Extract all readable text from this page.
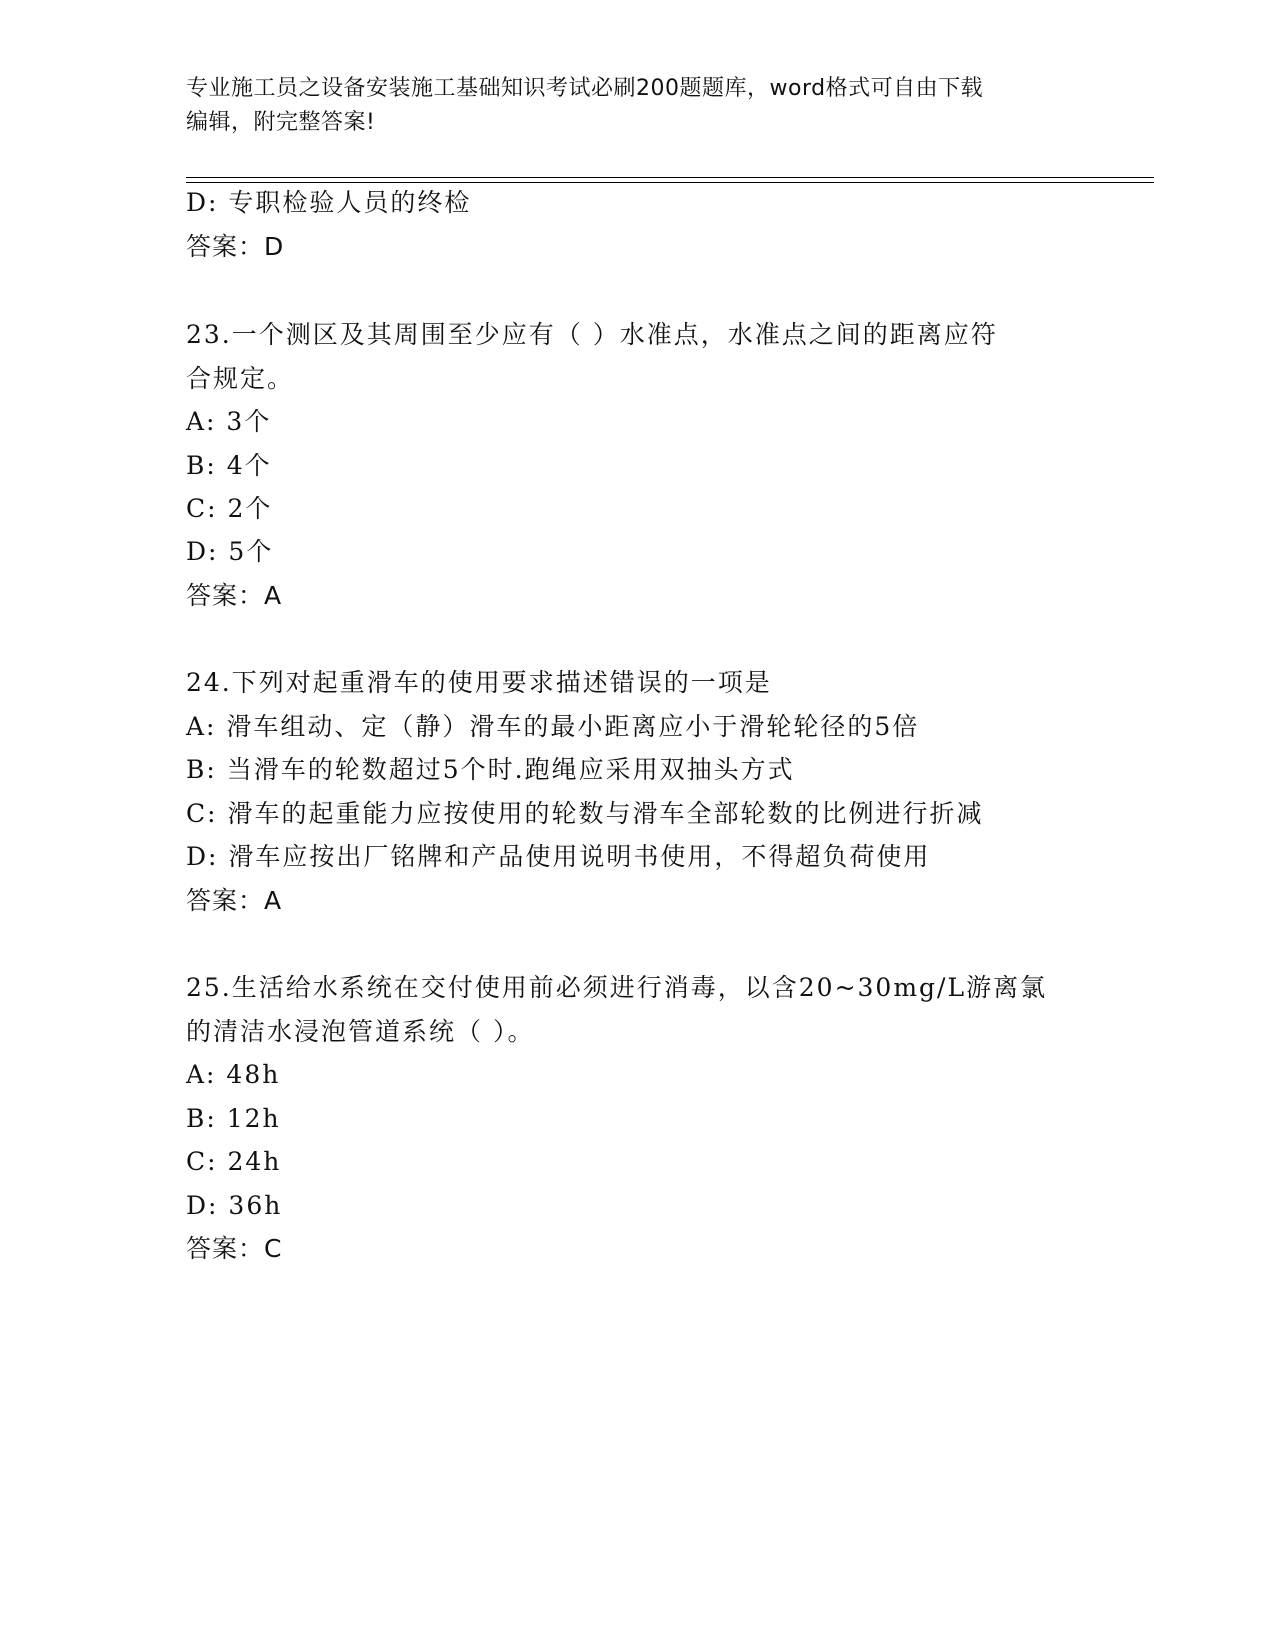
专业施工员之设备安装施工基础知识考试必刷200题题库，word格式可自由下载
编辑，附完整答案!
D: 专职检验人员的终检
答案：D
23.一个测区及其周围至少应有（ ）水准点，水准点之间的距离应符
合规定。
A: 3个
B: 4个
C: 2个
D: 5个
答案：A
24.下列对起重滑车的使用要求描述错误的一项是
A: 滑车组动、定（静）滑车的最小距离应小于滑轮轮径的5倍
B: 当滑车的轮数超过5个时.跑绳应采用双抽头方式
C: 滑车的起重能力应按使用的轮数与滑车全部轮数的比例进行折减
D: 滑车应按出厂铭牌和产品使用说明书使用，不得超负荷使用
答案：A
25.生活给水系统在交付使用前必须进行消毒，以含20~30mg/L游离氯
的清洁水浸泡管道系统（ ）。
A: 48h
B: 12h
C: 24h
D: 36h
答案：C
